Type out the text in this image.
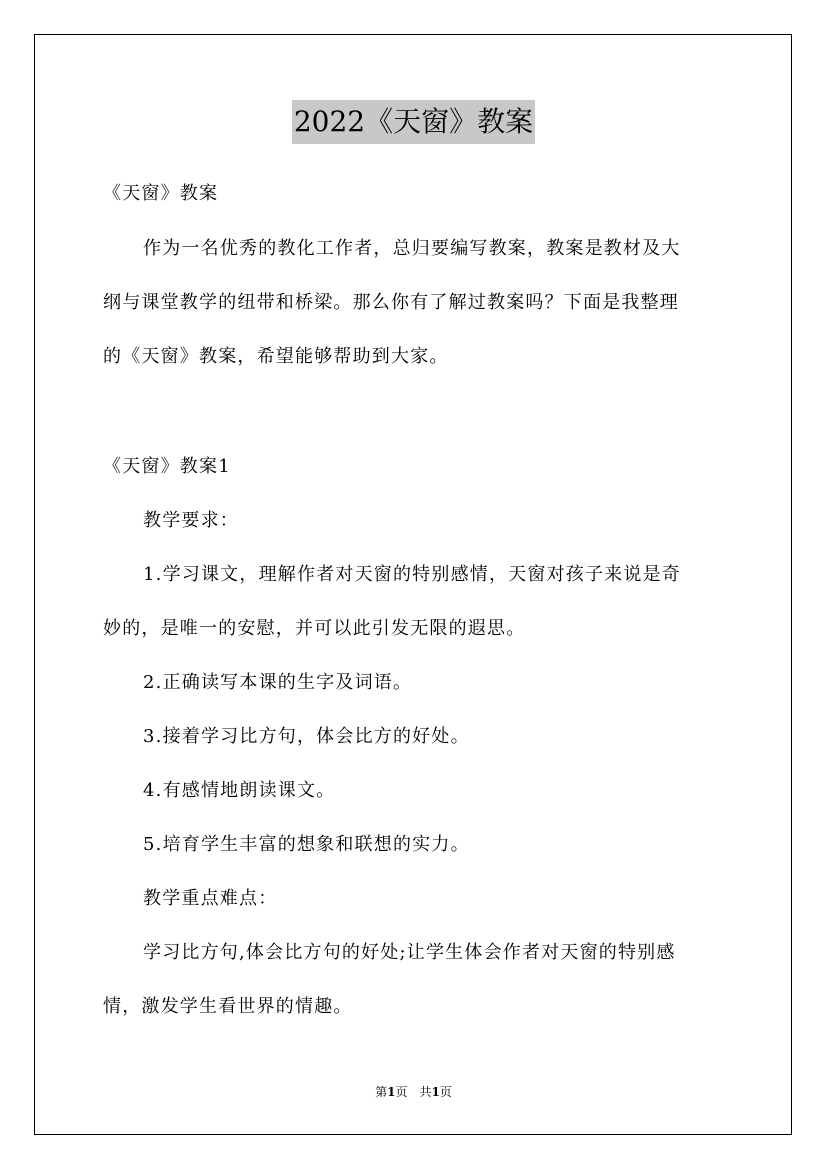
2022《天窗》教案
《天窗》教案
作为一名优秀的教化工作者，总归要编写教案，教案是教材及大
纲与课堂教学的纽带和桥梁。那么你有了解过教案吗？下面是我整理
的《天窗》教案，希望能够帮助到大家。
《天窗》教案1
教学要求：
1.学习课文，理解作者对天窗的特别感情，天窗对孩子来说是奇
妙的，是唯一的安慰，并可以此引发无限的遐思。
2.正确读写本课的生字及词语。
3.接着学习比方句，体会比方的好处。
4.有感情地朗读课文。
5.培育学生丰富的想象和联想的实力。
教学重点难点：
学习比方句,体会比方句的好处;让学生体会作者对天窗的特别感
情，激发学生看世界的情趣。
第1页　共1页
